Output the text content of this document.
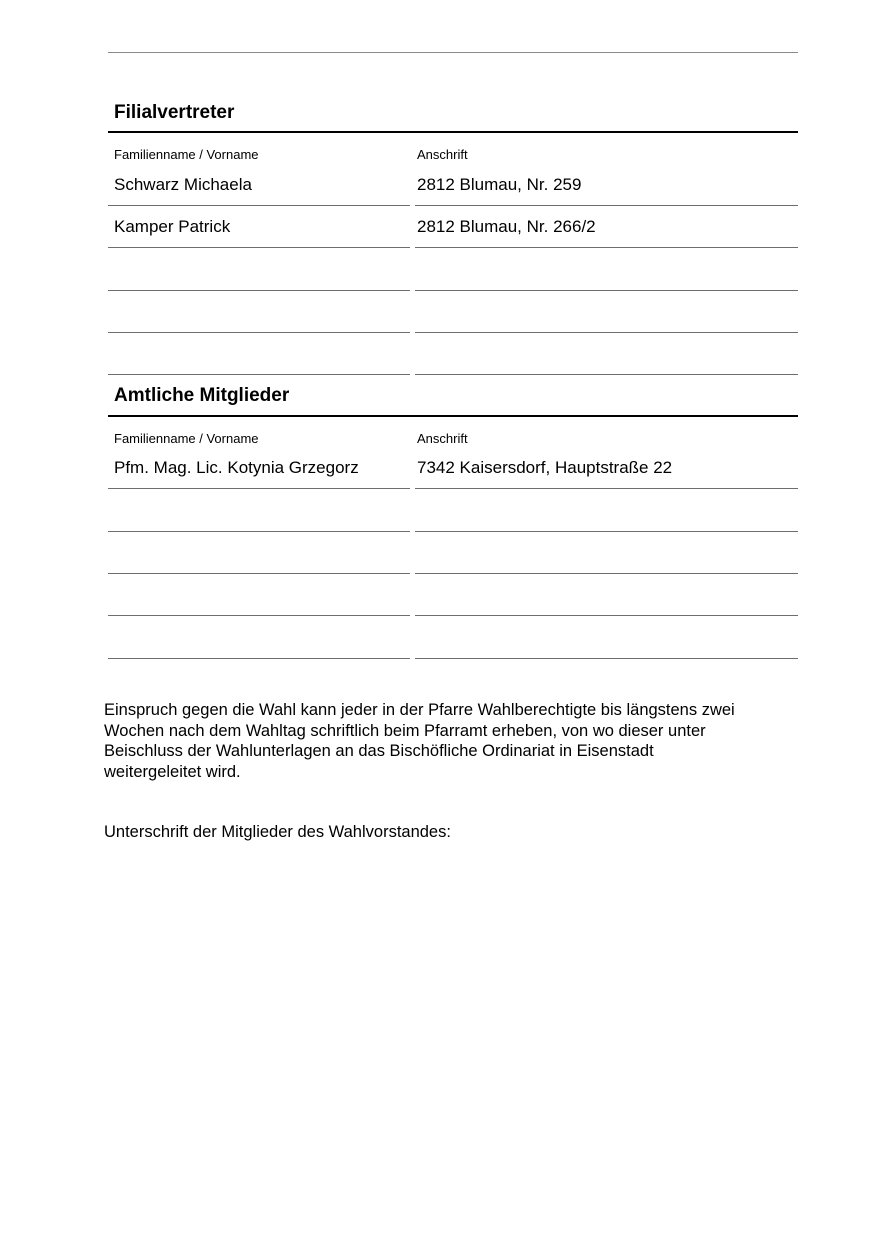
Filialvertreter
Familienname / Vorname	Anschrift
Schwarz Michaela	2812 Blumau, Nr. 259
Kamper Patrick	2812 Blumau, Nr. 266/2
Amtliche Mitglieder
Familienname / Vorname	Anschrift
Pfm. Mag. Lic. Kotynia Grzegorz	7342 Kaisersdorf, Hauptstraße 22
Einspruch gegen die Wahl kann jeder in der Pfarre Wahlberechtigte bis längstens zwei
Wochen nach dem Wahltag schriftlich beim Pfarramt erheben, von wo dieser unter
Beischluss der Wahlunterlagen an das Bischöfliche Ordinariat in Eisenstadt
weitergeleitet wird.
Unterschrift der Mitglieder des Wahlvorstandes:
